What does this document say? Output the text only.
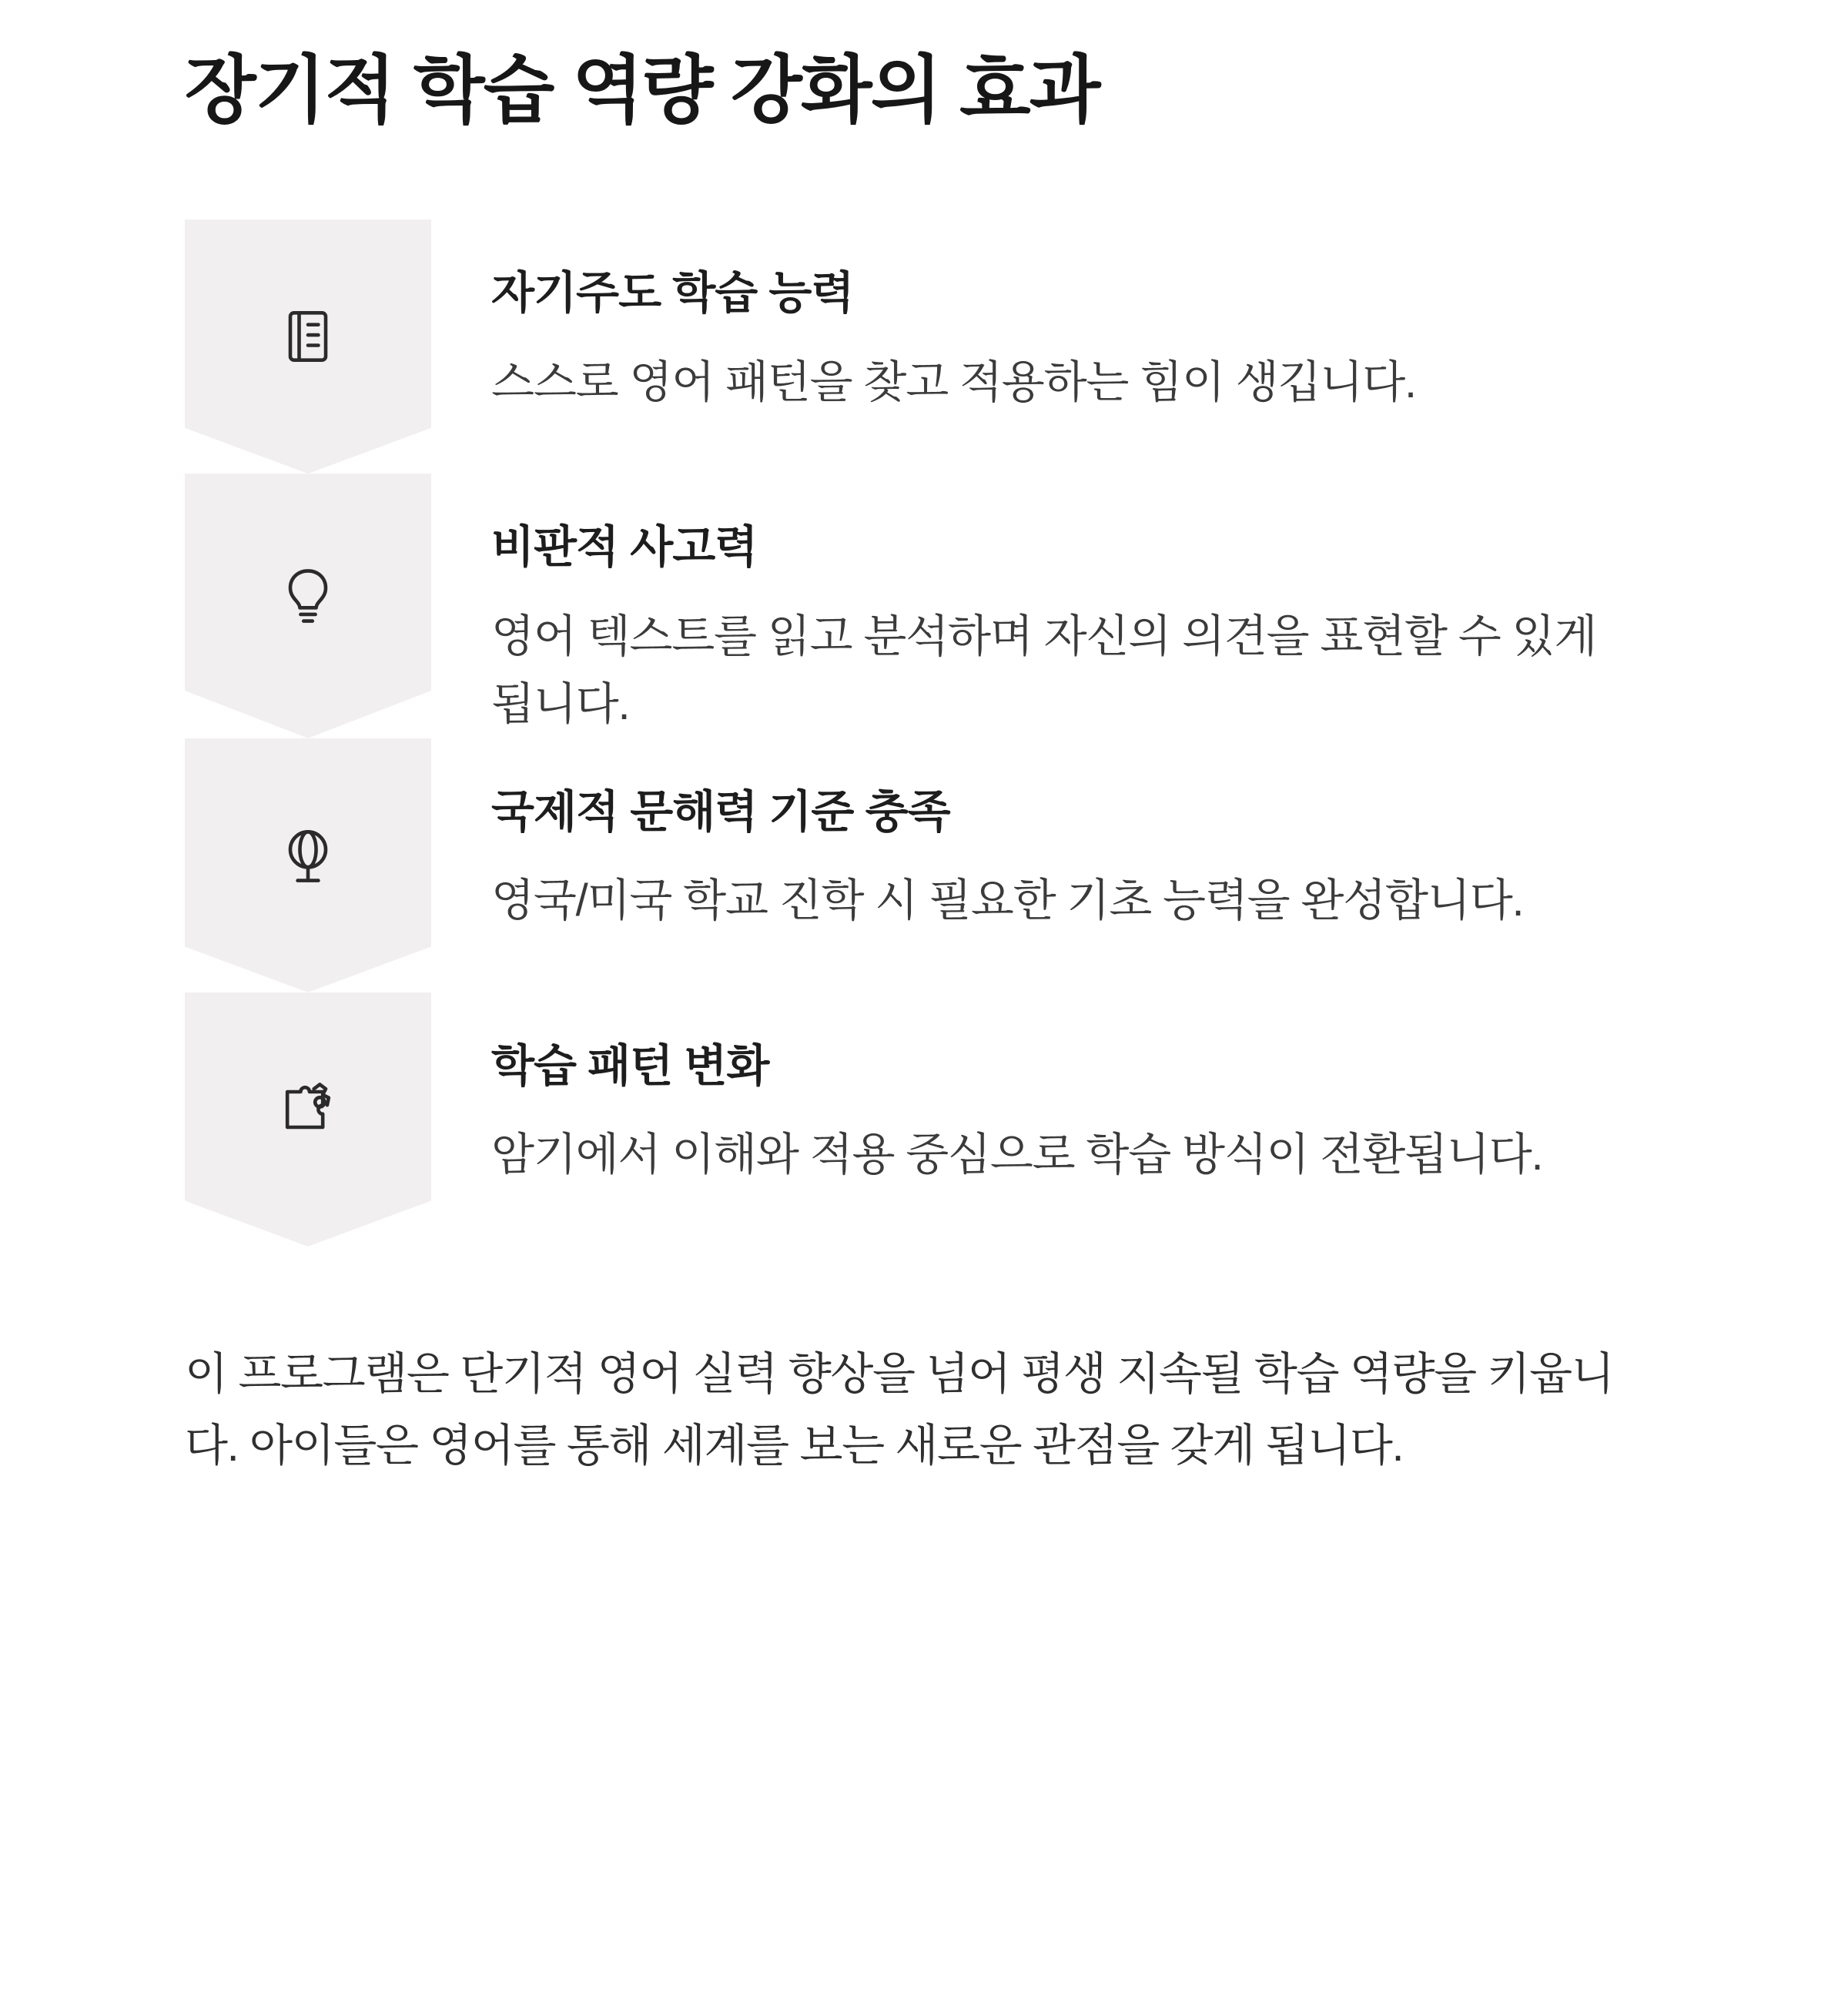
장기적 학습 역량 강화의 효과
자기주도 학습 능력
스스로 영어 패턴을 찾고 적용하는 힘이 생깁니다.
비판적 사고력
영어 텍스트를 읽고 분석하며 자신의 의견을 표현할 수 있게 됩니다.
국제적 문해력 기준 충족
영국/미국 학교 진학 시 필요한 기초 능력을 완성합니다.
학습 패턴 변화
암기에서 이해와 적용 중심으로 학습 방식이 전환됩니다.

이 프로그램은 단기적 영어 실력 향상을 넘어 평생 지속될 학습 역량을 키웁니다. 아이들은 영어를 통해 세계를 보는 새로운 관점을 갖게 됩니다.
